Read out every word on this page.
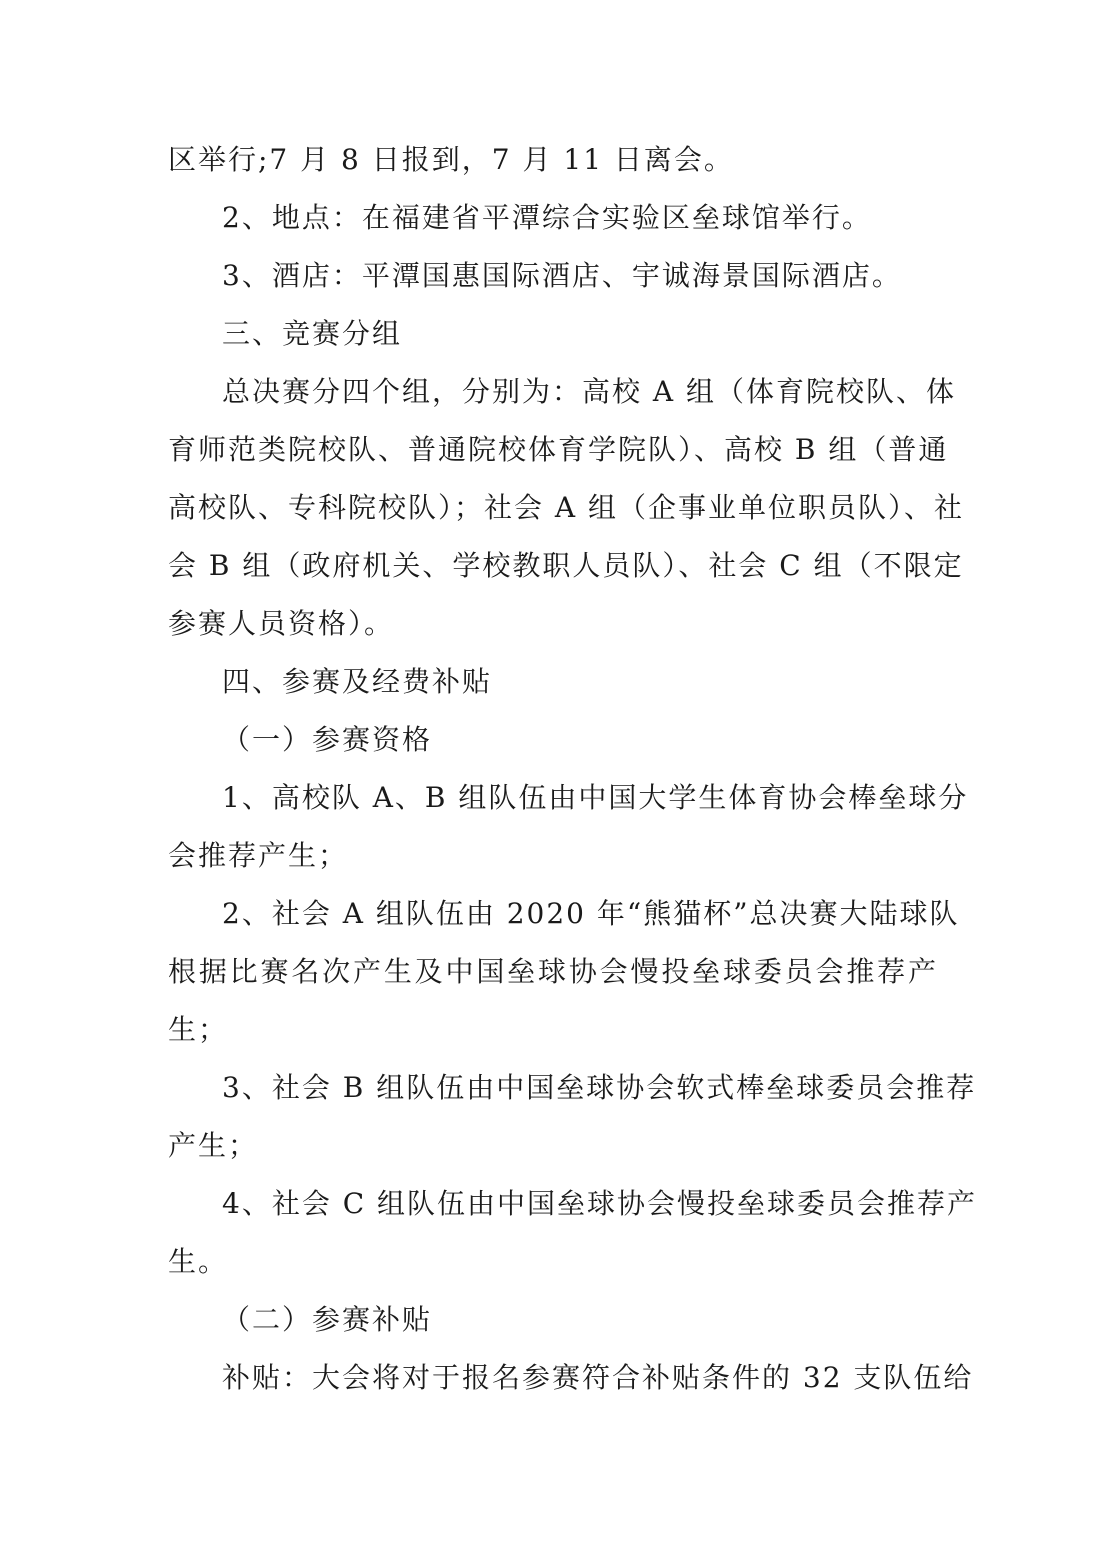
区举行;7 月 8 日报到，7 月 11 日离会。
2、地点：在福建省平潭综合实验区垒球馆举行。
3、酒店：平潭国惠国际酒店、宇诚海景国际酒店。
三、竞赛分组
总决赛分四个组，分别为：高校 A 组（体育院校队、体
育师范类院校队、普通院校体育学院队）、高校 B 组（普通
高校队、专科院校队）；社会 A 组（企事业单位职员队）、社
会 B 组（政府机关、学校教职人员队）、社会 C 组（不限定
参赛人员资格）。
四、参赛及经费补贴
（一）参赛资格
1、高校队 A、B 组队伍由中国大学生体育协会棒垒球分
会推荐产生；
2、社会 A 组队伍由 2020 年“熊猫杯”总决赛大陆球队
根据比赛名次产生及中国垒球协会慢投垒球委员会推荐产
生；
3、社会 B 组队伍由中国垒球协会软式棒垒球委员会推荐
产生；
4、社会 C 组队伍由中国垒球协会慢投垒球委员会推荐产
生。
（二）参赛补贴
补贴：大会将对于报名参赛符合补贴条件的 32 支队伍给
